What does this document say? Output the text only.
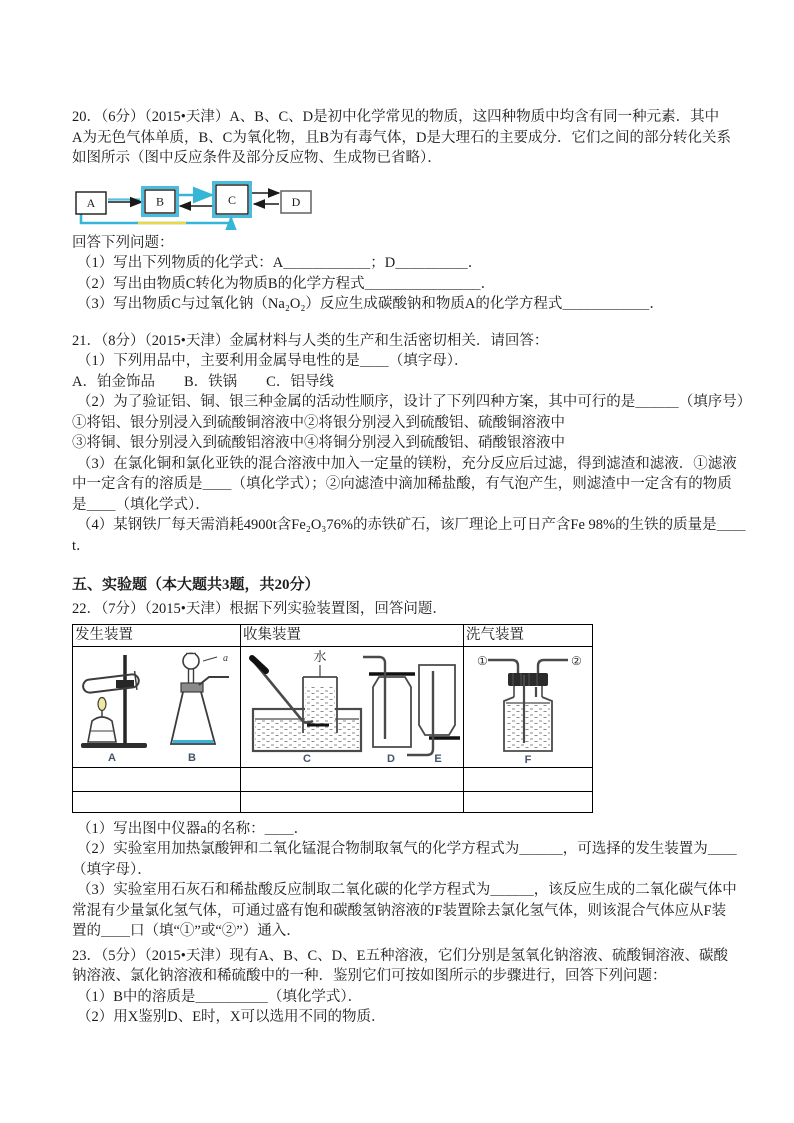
20．（6分）（2015•天津）A、B、C、D是初中化学常见的物质，这四种物质中均含有同一种元素．其中
A为无色气体单质，B、C为氧化物，且B为有毒气体，D是大理石的主要成分．它们之间的部分转化关系
如图所示（图中反应条件及部分反应物、生成物已省略）．
A	B	C	D
回答下列问题：
（1）写出下列物质的化学式：A＿＿＿＿＿＿；D＿＿＿＿＿．
（2）写出由物质C转化为物质B的化学方程式＿＿＿＿＿＿＿＿．
（3）写出物质C与过氧化钠（Na₂O₂）反应生成碳酸钠和物质A的化学方程式＿＿＿＿＿＿．
21．（8分）（2015•天津）金属材料与人类的生产和生活密切相关．请回答：
（1）下列用品中，主要利用金属导电性的是＿＿（填字母）．
A．铂金饰品　　B．铁锅　　C．铝导线
（2）为了验证铝、铜、银三种金属的活动性顺序，设计了下列四种方案，其中可行的是＿＿＿（填序号）
①将铝、银分别浸入到硫酸铜溶液中②将银分别浸入到硫酸铝、硫酸铜溶液中
③将铜、银分别浸入到硫酸铝溶液中④将铜分别浸入到硫酸铝、硝酸银溶液中
（3）在氯化铜和氯化亚铁的混合溶液中加入一定量的镁粉，充分反应后过滤，得到滤渣和滤液．①滤液
中一定含有的溶质是＿＿（填化学式）；②向滤渣中滴加稀盐酸，有气泡产生，则滤渣中一定含有的物质
是＿＿（填化学式）．
（4）某钢铁厂每天需消耗4900t含Fe₂O₃76%的赤铁矿石，该厂理论上可日产含Fe 98%的生铁的质量是＿＿
t．
五、实验题（本大题共3题，共20分）
22．（7分）（2015•天津）根据下列实验装置图，回答问题．
发生装置	收集装置	洗气装置

a
A B	水
C D E	① ②
F

（1）写出图中仪器a的名称：＿＿．
（2）实验室用加热氯酸钾和二氧化锰混合物制取氧气的化学方程式为＿＿＿，可选择的发生装置为＿＿
（填字母）．
（3）实验室用石灰石和稀盐酸反应制取二氧化碳的化学方程式为＿＿＿，该反应生成的二氧化碳气体中
常混有少量氯化氢气体，可通过盛有饱和碳酸氢钠溶液的F装置除去氯化氢气体，则该混合气体应从F装
置的＿＿口（填“①”或“②”）通入．
23．（5分）（2015•天津）现有A、B、C、D、E五种溶液，它们分别是氢氧化钠溶液、硫酸铜溶液、碳酸
钠溶液、氯化钠溶液和稀硫酸中的一种．鉴别它们可按如图所示的步骤进行，回答下列问题：
（1）B中的溶质是＿＿＿＿＿（填化学式）．
（2）用X鉴别D、E时，X可以选用不同的物质．
